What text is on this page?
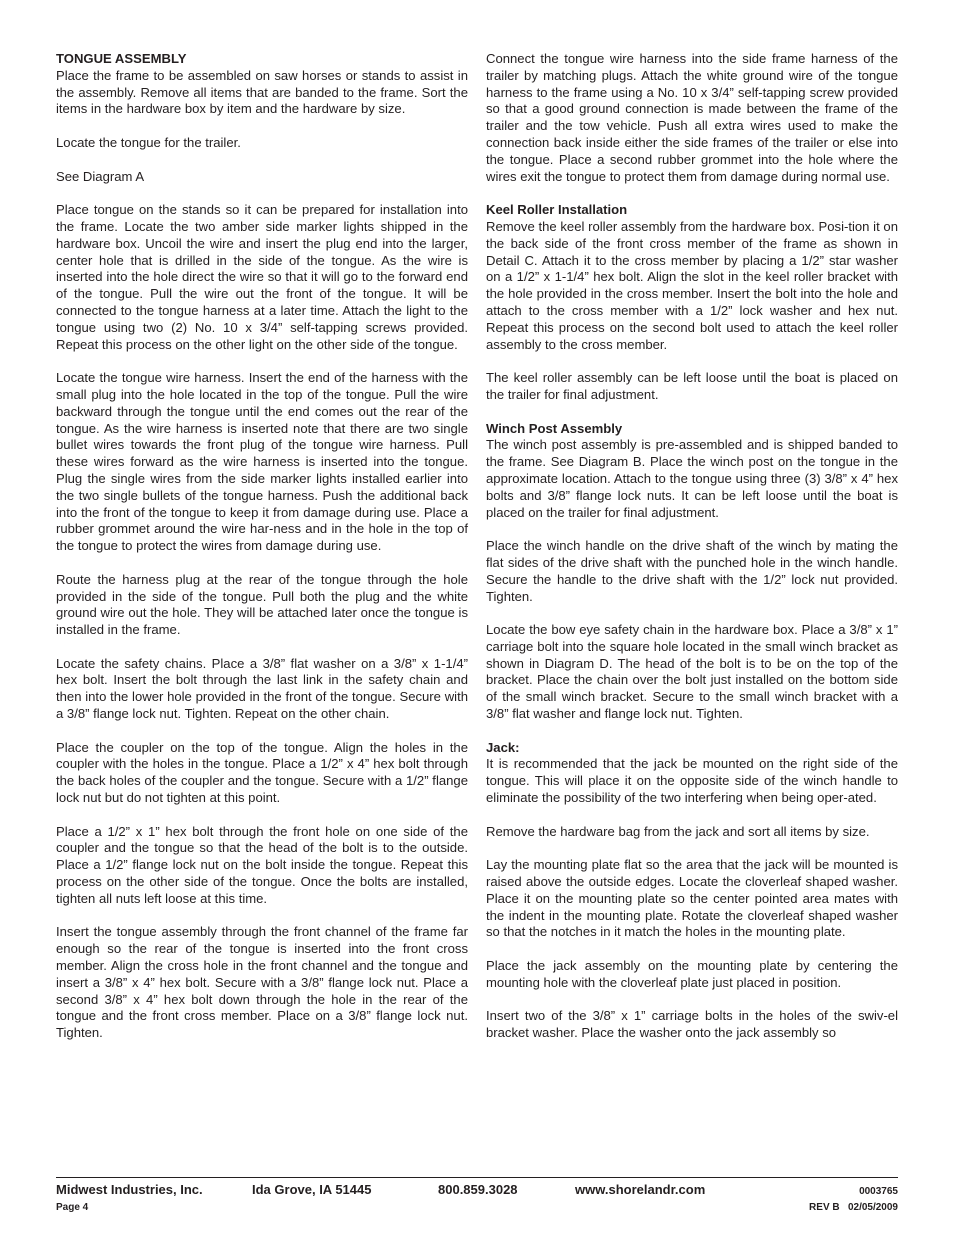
TONGUE ASSEMBLY

Place the frame to be assembled on saw horses or stands to assist in the assembly. Remove all items that are banded to the frame. Sort the items in the hardware box by item and the hardware by size.

Locate the tongue for the trailer.

See Diagram A

Place tongue on the stands so it can be prepared for installation into the frame. Locate the two amber side marker lights shipped in the hardware box. Uncoil the wire and insert the plug end into the larger, center hole that is drilled in the side of the tongue. As the wire is inserted into the hole direct the wire so that it will go to the forward end of the tongue. Pull the wire out the front of the tongue. It will be connected to the tongue harness at a later time. Attach the light to the tongue using two (2) No. 10 x 3/4” self-tapping screws provided. Repeat this process on the other light on the other side of the tongue.

Locate the tongue wire harness. Insert the end of the harness with the small plug into the hole located in the top of the tongue. Pull the wire backward through the tongue until the end comes out the rear of the tongue. As the wire harness is inserted note that there are two single bullet wires towards the front plug of the tongue wire harness. Pull these wires forward as the wire harness is inserted into the tongue. Plug the single wires from the side marker lights installed earlier into the two single bullets of the tongue harness. Push the additional back into the front of the tongue to keep it from damage during use. Place a rubber grommet around the wire har-ness and in the hole in the top of the tongue to protect the wires from damage during use.

Route the harness plug at the rear of the tongue through the hole provided in the side of the tongue. Pull both the plug and the white ground wire out the hole. They will be attached later once the tongue is installed in the frame.

Locate the safety chains. Place a 3/8” flat washer on a 3/8” x 1-1/4” hex bolt. Insert the bolt through the last link in the safety chain and then into the lower hole provided in the front of the tongue. Secure with a 3/8” flange lock nut. Tighten. Repeat on the other chain.

Place the coupler on the top of the tongue. Align the holes in the coupler with the holes in the tongue. Place a 1/2” x 4” hex bolt through the back holes of the coupler and the tongue. Secure with a 1/2” flange lock nut but do not tighten at this point.

Place a 1/2” x 1” hex bolt through the front hole on one side of the coupler and the tongue so that the head of the bolt is to the outside. Place a 1/2” flange lock nut on the bolt inside the tongue. Repeat this process on the other side of the tongue. Once the bolts are installed, tighten all nuts left loose at this time.

Insert the tongue assembly through the front channel of the frame far enough so the rear of the tongue is inserted into the front cross member. Align the cross hole in the front channel and the tongue and insert a 3/8” x 4” hex bolt. Secure with a 3/8” flange lock nut. Place a second 3/8” x 4” hex bolt down through the hole in the rear of the tongue and the front cross member. Place on a 3/8” flange lock nut. Tighten.

Connect the tongue wire harness into the side frame harness of the trailer by matching plugs. Attach the white ground wire of the tongue harness to the frame using a No. 10 x 3/4” self-tapping screw provided so that a good ground connection is made between the frame of the trailer and the tow vehicle. Push all extra wires used to make the connection back inside either the side frames of the trailer or else into the tongue. Place a second rubber grommet into the hole where the wires exit the tongue to protect them from damage during normal use.

Keel Roller Installation

Remove the keel roller assembly from the hardware box. Posi-tion it on the back side of the front cross member of the frame as shown in Detail C. Attach it to the cross member by placing a 1/2” star washer on a 1/2” x 1-1/4” hex bolt. Align the slot in the keel roller bracket with the hole provided in the cross member. Insert the bolt into the hole and attach to the cross member with a 1/2” lock washer and hex nut. Repeat this process on the second bolt used to attach the keel roller assembly to the cross member.

The keel roller assembly can be left loose until the boat is placed on the trailer for final adjustment.

Winch Post Assembly

The winch post assembly is pre-assembled and is shipped banded to the frame. See Diagram B. Place the winch post on the tongue in the approximate location. Attach to the tongue using three (3) 3/8” x 4” hex bolts and 3/8” flange lock nuts. It can be left loose until the boat is placed on the trailer for final adjustment.

Place the winch handle on the drive shaft of the winch by mating the flat sides of the drive shaft with the punched hole in the winch handle. Secure the handle to the drive shaft with the 1/2” lock nut provided. Tighten.

Locate the bow eye safety chain in the hardware box. Place a 3/8” x 1” carriage bolt into the square hole located in the small winch bracket as shown in Diagram D. The head of the bolt is to be on the top of the bracket. Place the chain over the bolt just installed on the bottom side of the small winch bracket. Secure to the small winch bracket with a 3/8” flat washer and flange lock nut. Tighten.

Jack:

It is recommended that the jack be mounted on the right side of the tongue. This will place it on the opposite side of the winch handle to eliminate the possibility of the two interfering when being oper-ated.

Remove the hardware bag from the jack and sort all items by size.

Lay the mounting plate flat so the area that the jack will be mounted is raised above the outside edges. Locate the cloverleaf shaped washer. Place it on the mounting plate so the center pointed area mates with the indent in the mounting plate. Rotate the cloverleaf shaped washer so that the notches in it match the holes in the mounting plate.

Place the jack assembly on the mounting plate by centering the mounting hole with the cloverleaf plate just placed in position.

Insert two of the 3/8” x 1” carriage bolts in the holes of the swiv-el bracket washer. Place the washer onto the jack assembly so

Midwest Industries, Inc.	Ida Grove, IA 51445	800.859.3028	www.shorelandr.com	0003765
Page 4	REV B   02/05/2009
